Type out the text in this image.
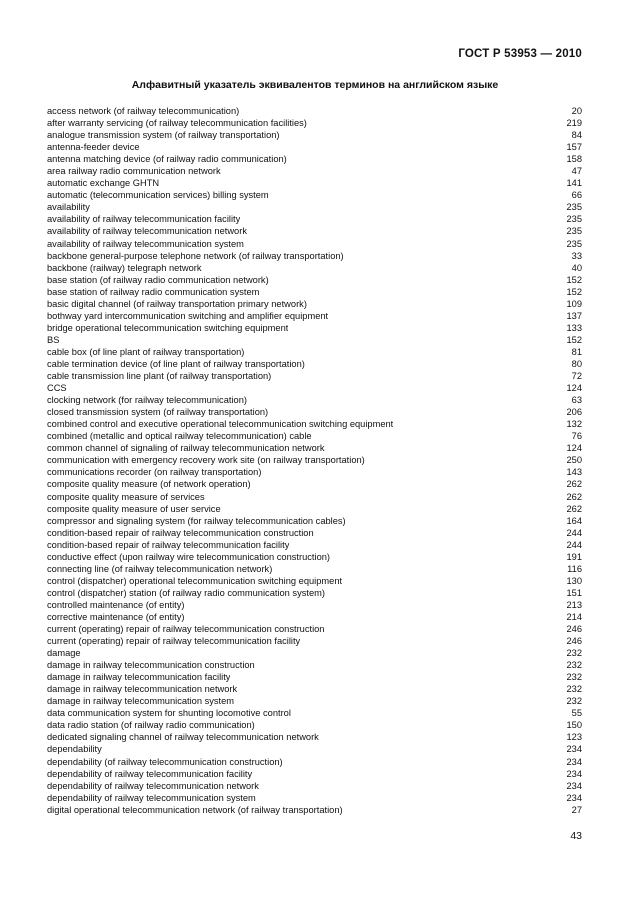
ГОСТ Р 53953 — 2010
Алфавитный указатель эквивалентов терминов на английском языке
access network (of railway telecommunication)	20
after warranty servicing (of railway telecommunication facilities)	219
analogue transmission system (of railway transportation)	84
antenna-feeder device	157
antenna matching device (of railway radio communication)	158
area railway radio communication network	47
automatic exchange GHTN	141
automatic (telecommunication services) billing system	66
availability	235
availability of railway telecommunication facility	235
availability of railway telecommunication network	235
availability of railway telecommunication system	235
backbone general-purpose telephone network (of railway transportation)	33
backbone (railway) telegraph network	40
base station (of railway radio communication network)	152
base station of railway radio communication system	152
basic digital channel (of railway transportation primary network)	109
bothway yard intercommunication switching and amplifier equipment	137
bridge operational telecommunication switching equipment	133
BS	152
cable box (of line plant of railway transportation)	81
cable termination device (of line plant of railway transportation)	80
cable transmission line plant (of railway transportation)	72
CCS	124
clocking network (for railway telecommunication)	63
closed transmission system (of railway transportation)	206
combined control and executive operational telecommunication switching equipment	132
combined (metallic and optical railway telecommunication) cable	76
common channel of signaling of railway telecommunication network	124
communication with emergency recovery work site (on railway transportation)	250
communications recorder (on railway transportation)	143
composite quality measure (of network operation)	262
composite quality measure of services	262
composite quality measure of user service	262
compressor and signaling system (for railway telecommunication cables)	164
condition-based repair of railway telecommunication construction	244
condition-based repair of railway telecommunication facility	244
conductive effect (upon railway wire telecommunication construction)	191
connecting line (of railway telecommunication network)	116
control (dispatcher) operational telecommunication switching equipment	130
control (dispatcher) station (of railway radio communication system)	151
controlled maintenance (of entity)	213
corrective maintenance (of entity)	214
current (operating) repair of railway telecommunication construction	246
current (operating) repair of railway telecommunication facility	246
damage	232
damage in railway telecommunication construction	232
damage in railway telecommunication facility	232
damage in railway telecommunication network	232
damage in railway telecommunication system	232
data communication system for shunting locomotive control	55
data radio station (of railway radio communication)	150
dedicated signaling channel of railway telecommunication network	123
dependability	234
dependability (of railway telecommunication construction)	234
dependability of railway telecommunication facility	234
dependability of railway telecommunication network	234
dependability of railway telecommunication system	234
digital operational telecommunication network (of railway transportation)	27
43
